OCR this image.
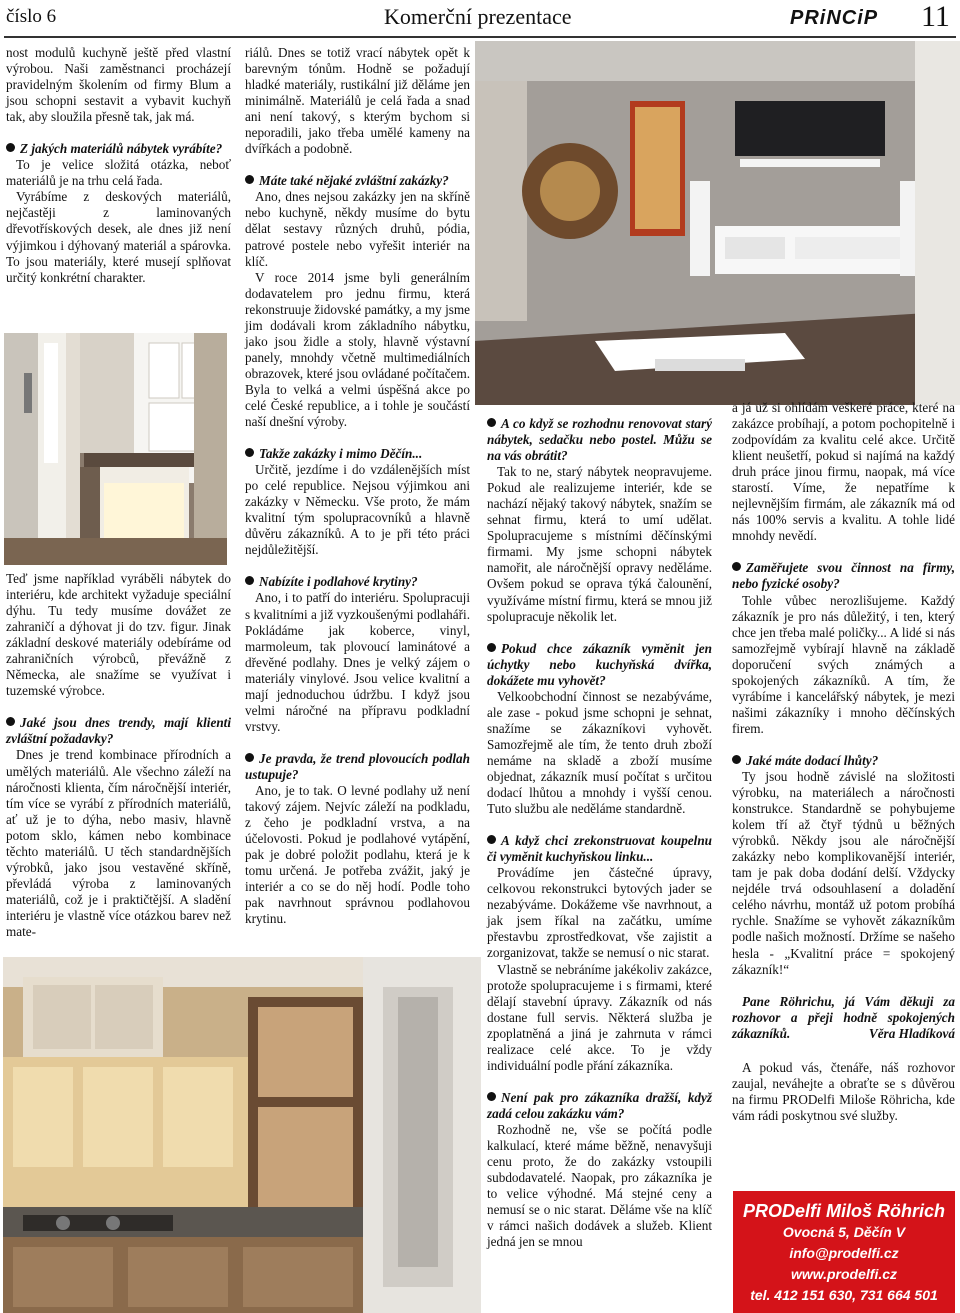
číslo 6	Komerční prezentace	PRiNCiP 11

nost modulů kuchyně ještě před vlastní výrobou. Naši zaměstnanci procházejí pravidelným školením od firmy Blum a jsou schopni sestavit a vybavit kuchyň tak, aby sloužila přesně tak, jak má.

Z jakých materiálů nábytek vyrábíte?

To je velice složitá otázka, neboť materiálů je na trhu celá řada.

Vyrábíme z deskových materiálů, nejčastěji z laminovaných dřevotřískových desek, ale dnes již není výjimkou i dýhovaný materiál a spárovka. To jsou materiály, které musejí splňovat určitý konkrétní charakter.

Teď jsme například vyráběli nábytek do interiéru, kde architekt vyžaduje speciální dýhu. Tu tedy musíme dovážet ze zahraničí a dýhovat ji do tzv. figur. Jinak základní deskové materiály odebíráme od zahraničních výrobců, převážně z Německa, ale snažíme se využívat i tuzemské výrobce.

Jaké jsou dnes trendy, mají klienti zvláštní požadavky?

Dnes je trend kombinace přírodních a umělých materiálů. Ale všechno záleží na náročnosti klienta, čím náročnější interiér, tím více se vyrábí z přírodních materiálů, ať už je to dýha, nebo masiv, hlavně potom sklo, kámen nebo kombinace těchto materiálů. U těch standardnějších výrobků, jako jsou vestavěné skříně, převládá výroba z laminovaných materiálů, což je i praktičtější. A sladění interiéru je vlastně více otázkou barev než mate-

riálů. Dnes se totiž vrací nábytek opět k barevným tónům. Hodně se požadují hladké materiály, rustikální již děláme jen minimálně. Materiálů je celá řada a snad ani není takový, s kterým bychom si neporadili, jako třeba umělé kameny na dvířkách a podobně.

Máte také nějaké zvláštní zakázky?

Ano, dnes nejsou zakázky jen na skříně nebo kuchyně, někdy musíme do bytu dělat sestavy různých druhů, pódia, patrové postele nebo vyřešit interiér na klíč.

V roce 2014 jsme byli generálním dodavatelem pro jednu firmu, která rekonstruuje židovské památky, a my jsme jim dodávali krom základního nábytku, jako jsou židle a stoly, hlavně výstavní panely, mnohdy včetně multimediálních obrazovek, které jsou ovládané počítačem. Byla to velká a velmi úspěšná akce po celé České republice, a i tohle je součástí naší dnešní výroby.

Takže zakázky i mimo Děčín...

Určitě, jezdíme i do vzdálenějších míst po celé republice. Nejsou výjimkou ani zakázky v Německu. Vše proto, že mám kvalitní tým spolupracovníků a hlavně důvěru zákazníků. A to je při této práci nejdůležitější.

Nabízíte i podlahové krytiny?

Ano, i to patří do interiéru. Spolupracuji s kvalitními a již vyzkoušenými podlaháři. Pokládáme jak koberce, vinyl, marmoleum, tak plovoucí laminátové a dřevěné podlahy. Dnes je velký zájem o materiály vinylové. Jsou velice kvalitní a mají jednoduchou údržbu. I když jsou velmi náročné na přípravu podkladní vrstvy.

Je pravda, že trend plovoucích podlah ustupuje?

Ano, je to tak. O levné podlahy už není takový zájem. Nejvíc záleží na podkladu, z čeho je podkladní vrstva, a na účelovosti. Pokud je podlahové vytápění, pak je dobré položit podlahu, která je k tomu určená. Je potřeba zvážit, jaký je interiér a co se do něj hodí. Podle toho pak navrhnout správnou podlahovou krytinu.

A co když se rozhodnu renovovat starý nábytek, sedačku nebo postel. Můžu se na vás obrátit?

Tak to ne, starý nábytek neopravujeme. Pokud ale realizujeme interiér, kde se nachází nějaký takový nábytek, snažím se sehnat firmu, která to umí udělat. Spolupracujeme s místními děčínskými firmami. My jsme schopni nábytek namořit, ale náročnější opravy neděláme. Ovšem pokud se oprava týká čalounění, využíváme místní firmu, která se mnou již spolupracuje několik let.

Pokud chce zákazník vyměnit jen úchytky nebo kuchyňská dvířka, dokážete mu vyhovět?

Velkoobchodní činnost se nezabýváme, ale zase - pokud jsme schopni je sehnat, snažíme se zákazníkovi vyhovět. Samozřejmě ale tím, že tento druh zboží nemáme na skladě a zboží musíme objednat, zákazník musí počítat s určitou dodací lhůtou a mnohdy i vyšší cenou. Tuto službu ale neděláme standardně.

A když chci zrekonstruovat koupelnu či vyměnit kuchyňskou linku...

Provádíme jen částečné úpravy, celkovou rekonstrukci bytových jader se nezabýváme. Dokážeme vše navrhnout, a jak jsem říkal na začátku, umíme přestavbu zprostředkovat, vše zajistit a zorganizovat, takže se nemusí o nic starat.

Vlastně se nebráníme jakékoliv zakázce, protože spolupracujeme i s firmami, které dělají stavební úpravy. Zákazník od nás dostane full servis. Některá služba je zpoplatněná a jiná je zahrnuta v rámci realizace celé akce. To je vždy individuální podle přání zákazníka.

Není pak pro zákazníka dražší, když zadá celou zakázku vám?

Rozhodně ne, vše se počítá podle kalkulací, které máme běžně, nenavyšuji cenu proto, že do zakázky vstoupili subdodavatelé. Naopak, pro zákazníka je to velice výhodné. Má stejné ceny a nemusí se o nic starat. Děláme vše na klíč v rámci našich dodávek a služeb. Klient jedná jen se mnou

a já už si ohlídám veškeré práce, které na zakázce probíhají, a potom pochopitelně i zodpovídám za kvalitu celé akce. Určitě klient neušetří, pokud si najímá na každý druh práce jinou firmu, naopak, má více starostí. Víme, že nepatříme k nejlevnějším firmám, ale zákazník má od nás 100% servis a kvalitu. A tohle lidé mnohdy nevědí.

Zaměřujete svou činnost na firmy, nebo fyzické osoby?

Tohle vůbec nerozlišujeme. Každý zákazník je pro nás důležitý, i ten, který chce jen třeba malé poličky... A lidé si nás samozřejmě vybírají hlavně na základě doporučení svých známých a spokojených zákazníků. A tím, že vyrábíme i kancelářský nábytek, je mezi našimi zákazníky i mnoho děčínských firem.

Jaké máte dodací lhůty?

Ty jsou hodně závislé na složitosti výrobku, na materiálech a náročnosti konstrukce. Standardně se pohybujeme kolem tří až čtyř týdnů u běžných výrobků. Někdy jsou ale náročnější zakázky nebo komplikovanější interiér, tam je pak doba dodání delší. Vždycky nejdéle trvá odsouhlasení a doladění celého návrhu, montáž už potom probíhá rychle. Snažíme se vyhovět zákazníkům podle našich možností. Držíme se našeho hesla - „Kvalitní práce = spokojený zákazník!“

Pane Röhrichu, já Vám děkuji za rozhovor a přeji hodně spokojených zákazníků.	Věra Hladíková

A pokud vás, čtenáře, náš rozhovor zaujal, neváhejte a obraťte se s důvěrou na firmu PRODelfi Miloše Röhricha, kde vám rádi poskytnou své služby.

PRODelfi Miloš Röhrich
Ovocná 5, Děčín V
info@prodelfi.cz
www.prodelfi.cz
tel. 412 151 630, 731 664 501
